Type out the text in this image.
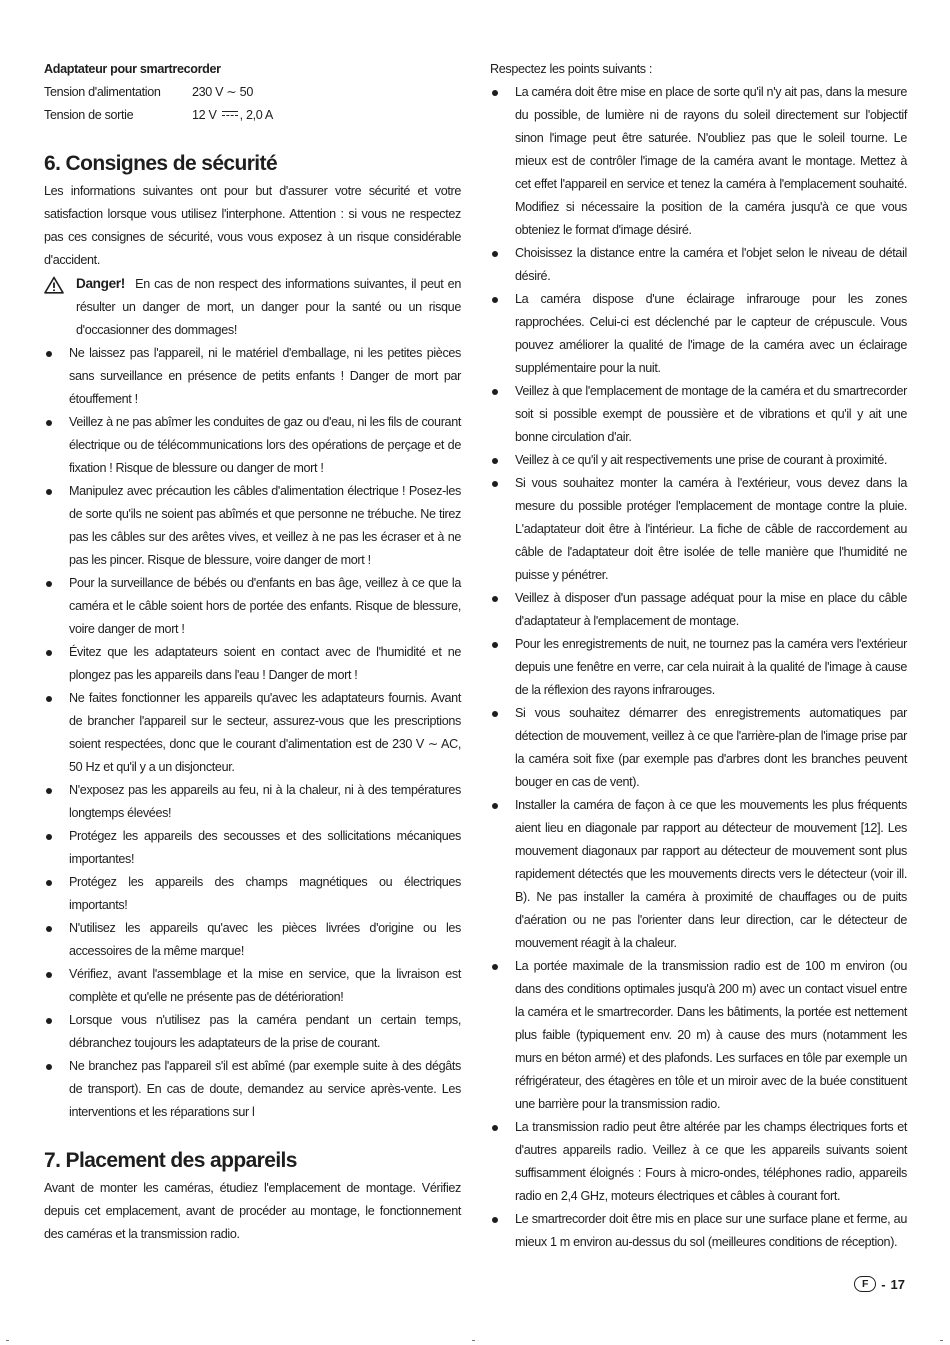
Adaptateur pour smartrecorder

Tension d'alimentation	230 V ∼ 50
Tension de sortie	12 V , 2,0 A
6. Consignes de sécurité

Les informations suivantes ont pour but d'assurer votre sécurité et votre satisfaction lorsque vous utilisez l'interphone. Attention : si vous ne respectez pas ces consignes de sécurité, vous vous exposez à un risque considérable d'accident.

Danger! En cas de non respect des informations suivantes, il peut en résulter un danger de mort, un danger pour la santé ou un risque d'occasionner des dommages!
Ne laissez pas l'appareil, ni le matériel d'emballage, ni les petites pièces sans surveillance en présence de petits enfants ! Danger de mort par étouffement !
Veillez à ne pas abîmer les conduites de gaz ou d'eau, ni les fils de courant électrique ou de télécommunications lors des opérations de perçage et de fixation ! Risque de blessure ou danger de mort !
Manipulez avec précaution les câbles d'alimentation électrique ! Posez-les de sorte qu'ils ne soient pas abîmés et que personne ne trébuche. Ne tirez pas les câbles sur des arêtes vives, et veillez à ne pas les écraser et à ne pas les pincer. Risque de blessure, voire danger de mort !
Pour la surveillance de bébés ou d'enfants en bas âge, veillez à ce que la caméra et le câble soient hors de portée des enfants. Risque de blessure, voire danger de mort !
Évitez que les adaptateurs soient en contact avec de l'humidité et ne plongez pas les appareils dans l'eau ! Danger de mort !
Ne faites fonctionner les appareils qu'avec les adaptateurs fournis. Avant de brancher l'appareil sur le secteur, assurez-vous que les prescriptions soient respectées, donc que le courant d'alimentation est de 230 V ∼ AC, 50 Hz et qu'il y a un disjoncteur.
N'exposez pas les appareils au feu, ni à la chaleur, ni à des températures longtemps élevées!
Protégez les appareils des secousses et des sollicitations mécaniques importantes!
Protégez les appareils des champs magnétiques ou électriques importants!
N'utilisez les appareils qu'avec les pièces livrées d'origine ou les accessoires de la même marque!
Vérifiez, avant l'assemblage et la mise en service, que la livraison est complète et qu'elle ne présente pas de détérioration!
Lorsque vous n'utilisez pas la caméra pendant un certain temps, débranchez toujours les adaptateurs de la prise de courant.
Ne branchez pas l'appareil s'il est abîmé (par exemple suite à des dégâts de transport). En cas de doute, demandez au service après-vente. Les interventions et les réparations sur l
7. Placement des appareils

Avant de monter les caméras, étudiez l'emplacement de montage. Vérifiez depuis cet emplacement, avant de procéder au montage, le fonctionnement des caméras et la transmission radio.

Respectez les points suivants :

La caméra doit être mise en place de sorte qu'il n'y ait pas, dans la mesure du possible, de lumière ni de rayons du soleil directement sur l'objectif sinon l'image peut être saturée. N'oubliez pas que le soleil tourne. Le mieux est de contrôler l'image de la caméra avant le montage. Mettez à cet effet l'appareil en service et tenez la caméra à l'emplacement souhaité. Modifiez si nécessaire la position de la caméra jusqu'à ce que vous obteniez le format d'image désiré.
Choisissez la distance entre la caméra et l'objet selon le niveau de détail désiré.
La caméra dispose d'une éclairage infrarouge pour les zones rapprochées. Celui-ci est déclenché par le capteur de crépuscule. Vous pouvez améliorer la qualité de l'image de la caméra avec un éclairage supplémentaire pour la nuit.
Veillez à que l'emplacement de montage de la caméra et du smartrecorder soit si possible exempt de poussière et de vibrations et qu'il y ait une bonne circulation d'air.
Veillez à ce qu'il y ait respectivements une prise de courant à proximité.
Si vous souhaitez monter la caméra à l'extérieur, vous devez dans la mesure du possible protéger l'emplacement de montage contre la pluie. L'adaptateur doit être à l'intérieur. La fiche de câble de raccordement au câble de l'adaptateur doit être isolée de telle manière que l'humidité ne puisse y pénétrer.
Veillez à disposer d'un passage adéquat pour la mise en place du câble d'adaptateur à l'emplacement de montage.
Pour les enregistrements de nuit, ne tournez pas la caméra vers l'extérieur depuis une fenêtre en verre, car cela nuirait à la qualité de l'image à cause de la réflexion des rayons infrarouges.
Si vous souhaitez démarrer des enregistrements automatiques par détection de mouvement, veillez à ce que l'arrière-plan de l'image prise par la caméra soit fixe (par exemple pas d'arbres dont les branches peuvent bouger en cas de vent).
Installer la caméra de façon à ce que les mouvements les plus fréquents aient lieu en diagonale par rapport au détecteur de mouvement [12]. Les mouvement diagonaux par rapport au détecteur de mouvement sont plus rapidement détectés que les mouvements directs vers le détecteur (voir ill. B). Ne pas installer la caméra à proximité de chauffages ou de puits d'aération ou ne pas l'orienter dans leur direction, car le détecteur de mouvement réagit à la chaleur.
La portée maximale de la transmission radio est de 100 m environ (ou dans des conditions optimales jusqu'à 200 m) avec un contact visuel entre la caméra et le smartrecorder. Dans les bâtiments, la portée est nettement plus faible (typiquement env. 20 m) à cause des murs (notamment les murs en béton armé) et des plafonds. Les surfaces en tôle par exemple un réfrigérateur, des étagères en tôle et un miroir avec de la buée constituent une barrière pour la transmission radio.
La transmission radio peut être altérée par les champs électriques forts et d'autres appareils radio. Veillez à ce que les appareils suivants soient suffisamment éloignés : Fours à micro-ondes, téléphones radio, appareils radio en 2,4 GHz, moteurs électriques et câbles à courant fort.
Le smartrecorder doit être mis en place sur une surface plane et ferme, au mieux 1 m environ au-dessus du sol (meilleures conditions de réception).
F - 17
